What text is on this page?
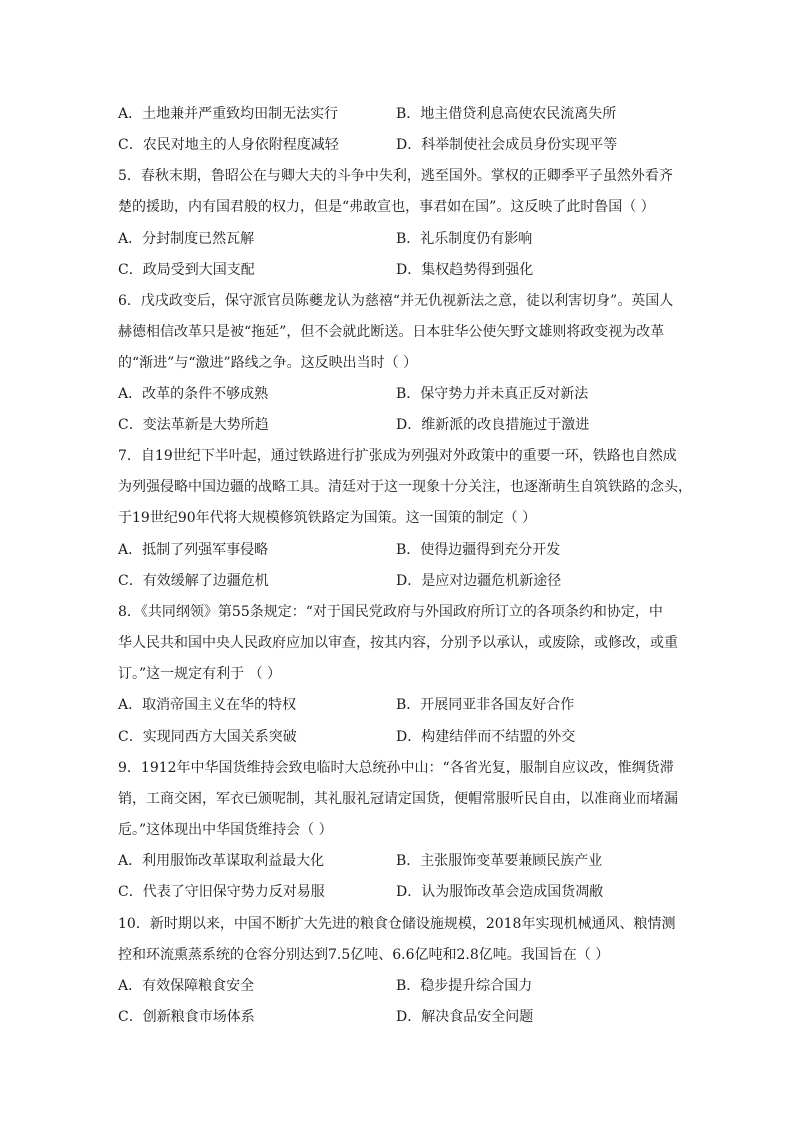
A．土地兼并严重致均田制无法实行	B．地主借贷利息高使农民流离失所
C．农民对地主的人身依附程度减轻	D．科举制使社会成员身份实现平等
5．春秋末期，鲁昭公在与卿大夫的斗争中失利，逃至国外。掌权的正卿季平子虽然外看齐
楚的援助，内有国君般的权力，但是“弗敢宣也，事君如在国”。这反映了此时鲁国（ ）
A．分封制度已然瓦解	B．礼乐制度仍有影响
C．政局受到大国支配	D．集权趋势得到强化
6．戊戌政变后，保守派官员陈夔龙认为慈禧“并无仇视新法之意，徒以利害切身”。英国人
赫德相信改革只是被“拖延”，但不会就此断送。日本驻华公使矢野文雄则将政变视为改革
的“渐进”与“激进”路线之争。这反映出当时（ ）
A．改革的条件不够成熟	B．保守势力并未真正反对新法
C．变法革新是大势所趋	D．维新派的改良措施过于激进
7．自19世纪下半叶起，通过铁路进行扩张成为列强对外政策中的重要一环，铁路也自然成
为列强侵略中国边疆的战略工具。清廷对于这一现象十分关注，也逐渐萌生自筑铁路的念头，
于19世纪90年代将大规模修筑铁路定为国策。这一国策的制定（ ）
A．抵制了列强军事侵略	B．使得边疆得到充分开发
C．有效缓解了边疆危机	D．是应对边疆危机新途径
8．《共同纲领》第55条规定：“对于国民党政府与外国政府所订立的各项条约和协定，中
华人民共和国中央人民政府应加以审查，按其内容，分别予以承认，或废除，或修改，或重
订。”这一规定有利于 （ ）
A．取消帝国主义在华的特权	B．开展同亚非各国友好合作
C．实现同西方大国关系突破	D．构建结伴而不结盟的外交
9．1912年中华国货维持会致电临时大总统孙中山：“各省光复，服制自应议改，惟绸货滞
销，工商交困，军衣已颁呢制，其礼服礼冠请定国货，便帽常服听民自由，以准商业而堵漏
卮。”这体现出中华国货维持会（ ）
A．利用服饰改革谋取利益最大化	B．主张服饰变革要兼顾民族产业
C．代表了守旧保守势力反对易服	D．认为服饰改革会造成国货凋敝
10．新时期以来，中国不断扩大先进的粮食仓储设施规模，2018年实现机械通风、粮情测
控和环流熏蒸系统的仓容分别达到7.5亿吨、6.6亿吨和2.8亿吨。我国旨在（ ）
A．有效保障粮食安全	B．稳步提升综合国力
C．创新粮食市场体系	D．解决食品安全问题
